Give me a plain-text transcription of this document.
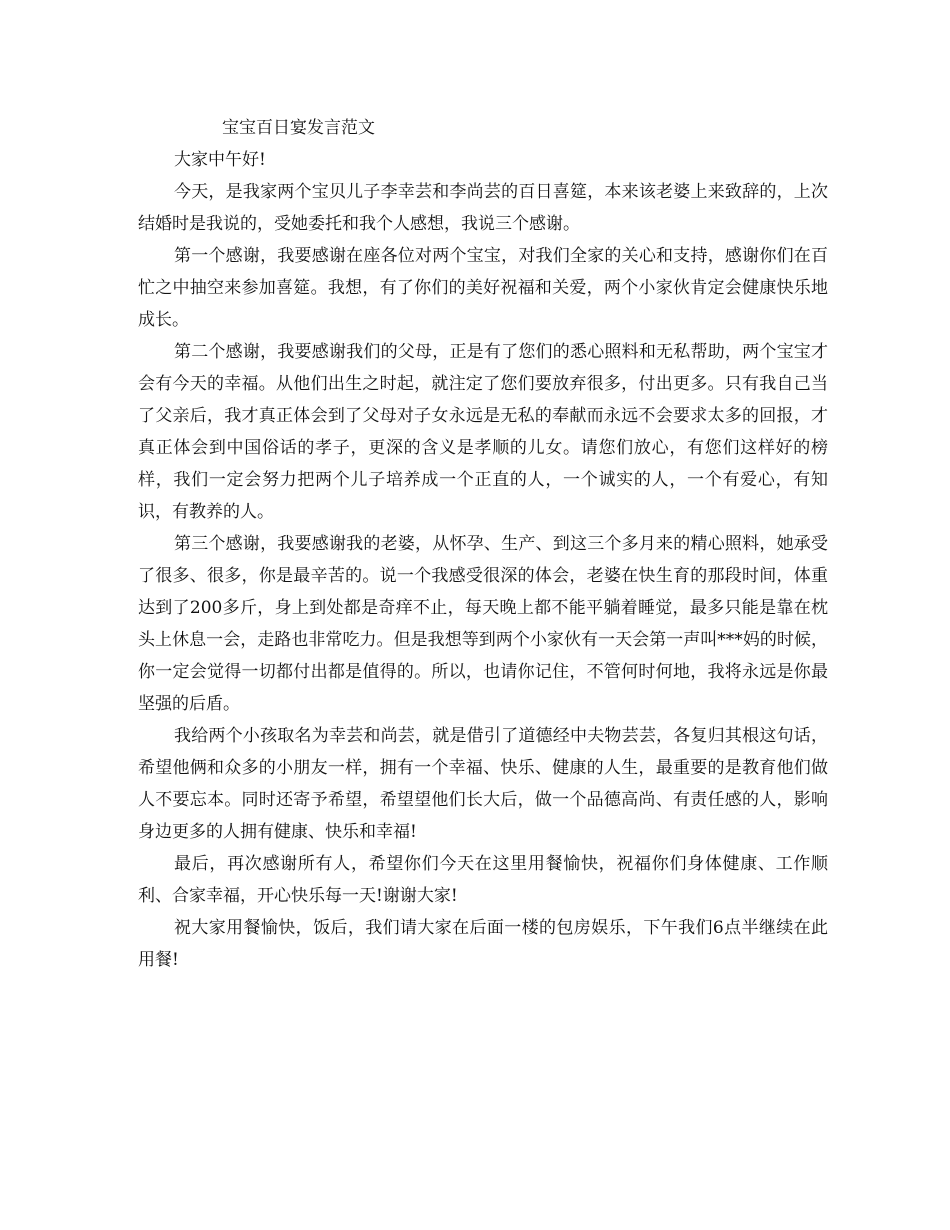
宝宝百日宴发言范文

大家中午好!

今天，是我家两个宝贝儿子李幸芸和李尚芸的百日喜筵，本来该老婆上来致辞的，上次结婚时是我说的，受她委托和我个人感想，我说三个感谢。

第一个感谢，我要感谢在座各位对两个宝宝，对我们全家的关心和支持，感谢你们在百忙之中抽空来参加喜筵。我想，有了你们的美好祝福和关爱，两个小家伙肯定会健康快乐地成长。

第二个感谢，我要感谢我们的父母，正是有了您们的悉心照料和无私帮助，两个宝宝才会有今天的幸福。从他们出生之时起，就注定了您们要放弃很多，付出更多。只有我自己当了父亲后，我才真正体会到了父母对子女永远是无私的奉献而永远不会要求太多的回报，才真正体会到中国俗话的孝子，更深的含义是孝顺的儿女。请您们放心，有您们这样好的榜样，我们一定会努力把两个儿子培养成一个正直的人，一个诚实的人，一个有爱心，有知识，有教养的人。

第三个感谢，我要感谢我的老婆，从怀孕、生产、到这三个多月来的精心照料，她承受了很多、很多，你是最辛苦的。说一个我感受很深的体会，老婆在快生育的那段时间，体重达到了200多斤，身上到处都是奇痒不止，每天晚上都不能平躺着睡觉，最多只能是靠在枕头上休息一会，走路也非常吃力。但是我想等到两个小家伙有一天会第一声叫***妈的时候，你一定会觉得一切都付出都是值得的。所以，也请你记住，不管何时何地，我将永远是你最坚强的后盾。

我给两个小孩取名为幸芸和尚芸，就是借引了道德经中夫物芸芸，各复归其根这句话，希望他俩和众多的小朋友一样，拥有一个幸福、快乐、健康的人生，最重要的是教育他们做人不要忘本。同时还寄予希望，希望望他们长大后，做一个品德高尚、有责任感的人，影响身边更多的人拥有健康、快乐和幸福!

最后，再次感谢所有人，希望你们今天在这里用餐愉快，祝福你们身体健康、工作顺利、合家幸福，开心快乐每一天!谢谢大家!

祝大家用餐愉快，饭后，我们请大家在后面一楼的包房娱乐，下午我们6点半继续在此用餐!
